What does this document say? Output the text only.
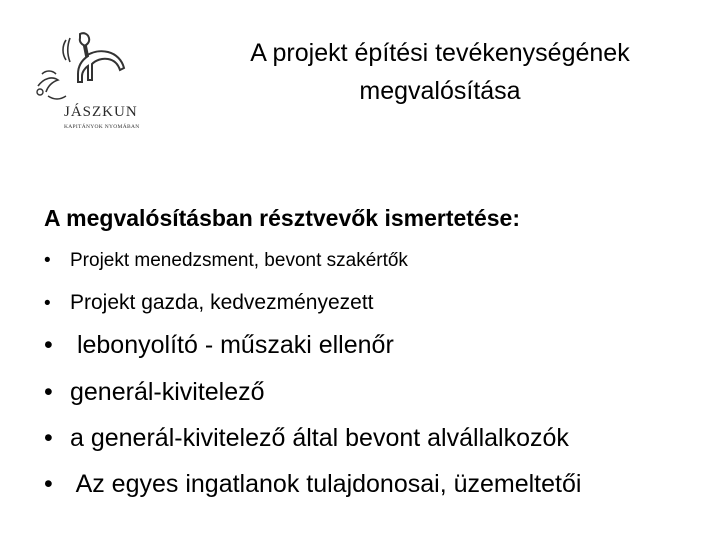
JÁSZKUN
KAPITÁNYOK NYOMÁBAN
A projekt építési tevékenységének
megvalósítása
A megvalósításban résztvevők ismertetése:
•	Projekt menedzsment, bevont szakértők
• Projekt gazda, kedvezményezett
• lebonyolító - műszaki ellenőr
• generál-kivitelező
• a generál-kivitelező által bevont alvállalkozók
• Az egyes ingatlanok tulajdonosai, üzemeltetői
